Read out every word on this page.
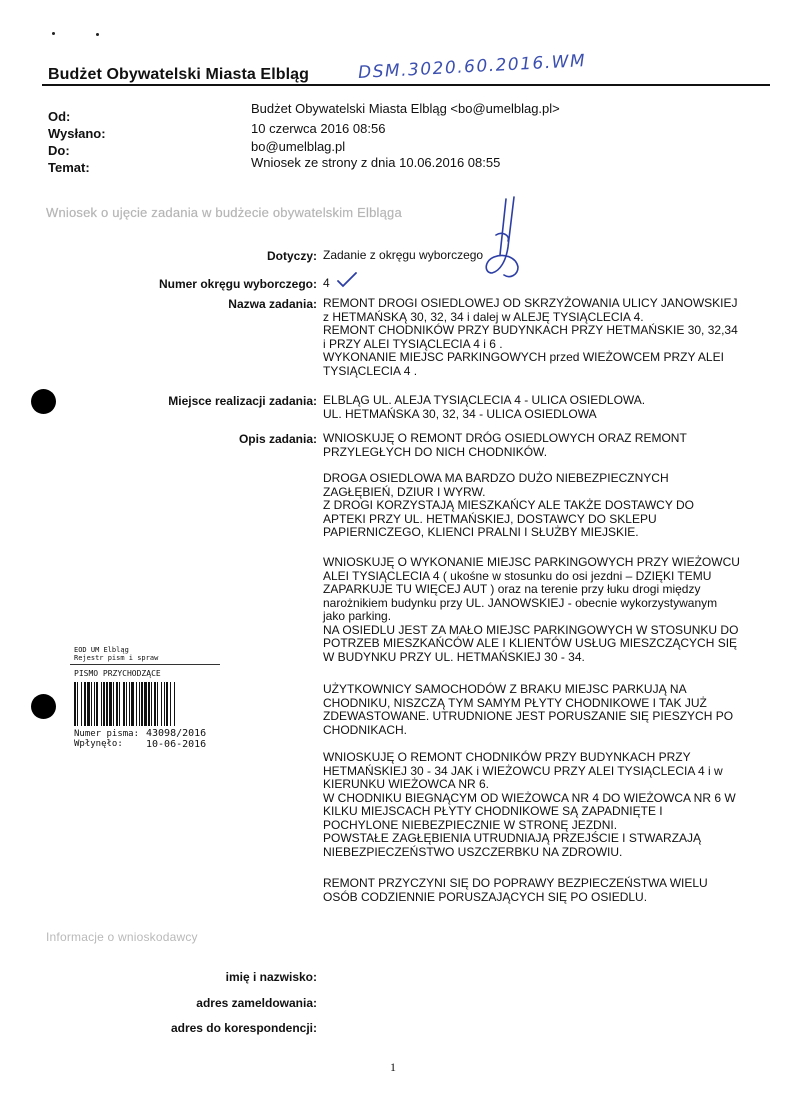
Budżet Obywatelski Miasta Elbląg	DSM.3020.60.2016.WM
Od:
Budżet Obywatelski Miasta Elbląg <bo@umelblag.pl>
Wysłano:	10 czerwca 2016 08:56
Do:	bo@umelblag.pl
Temat:	Wniosek ze strony z dnia 10.06.2016 08:55
Wniosek o ujęcie zadania w budżecie obywatelskim Elbląga
Dotyczy: Zadanie z okręgu wyborczego
Numer okręgu wyborczego: 4
Nazwa zadania: REMONT DROGI OSIEDLOWEJ OD SKRZYŻOWANIA ULICY JANOWSKIEJ
z HETMAŃSKĄ 30, 32, 34 i dalej w ALEJĘ TYSIĄCLECIA 4.
REMONT CHODNIKÓW PRZY BUDYNKACH PRZY HETMAŃSKIE 30, 32,34
i PRZY ALEI TYSIĄCLECIA 4 i 6 .
WYKONANIE MIEJSC PARKINGOWYCH przed WIEŻOWCEM PRZY ALEI
TYSIĄCLECIA 4 .
Miejsce realizacji zadania: ELBLĄG UL. ALEJA TYSIĄCLECIA 4 - ULICA OSIEDLOWA.
UL. HETMAŃSKA 30, 32, 34 - ULICA OSIEDLOWA
Opis zadania: WNIOSKUJĘ O REMONT DRÓG OSIEDLOWYCH ORAZ REMONT
PRZYLEGŁYCH DO NICH CHODNIKÓW.
DROGA OSIEDLOWA MA BARDZO DUŻO NIEBEZPIECZNYCH
ZAGŁĘBIEŃ, DZIUR I WYRW.
Z DROGI KORZYSTAJĄ MIESZKAŃCY ALE TAKŻE DOSTAWCY DO
APTEKI PRZY UL. HETMAŃSKIEJ, DOSTAWCY DO SKLEPU
PAPIERNICZEGO, KLIENCI PRALNI I SŁUŻBY MIEJSKIE.
WNIOSKUJĘ O WYKONANIE MIEJSC PARKINGOWYCH PRZY WIEŻOWCU
ALEI TYSIĄCLECIA 4 ( ukośne w stosunku do osi jezdni – DZIĘKI TEMU
ZAPARKUJE TU WIĘCEJ AUT ) oraz na terenie przy łuku drogi między
narożnikiem budynku przy UL. JANOWSKIEJ - obecnie wykorzystywanym
jako parking.
NA OSIEDLU JEST ZA MAŁO MIEJSC PARKINGOWYCH W STOSUNKU DO
POTRZEB MIESZKAŃCÓW ALE I KLIENTÓW USŁUG MIESZCZĄCYCH SIĘ
W BUDYNKU PRZY UL. HETMAŃSKIEJ 30 - 34.
UŻYTKOWNICY SAMOCHODÓW Z BRAKU MIEJSC PARKUJĄ NA
CHODNIKU, NISZCZĄ TYM SAMYM PŁYTY CHODNIKOWE I TAK JUŻ
ZDEWASTOWANE. UTRUDNIONE JEST PORUSZANIE SIĘ PIESZYCH PO
CHODNIKACH.
WNIOSKUJĘ O REMONT CHODNIKÓW PRZY BUDYNKACH PRZY
HETMAŃSKIEJ 30 - 34 JAK i WIEŻOWCU PRZY ALEI TYSIĄCLECIA 4 i w
KIERUNKU WIEŻOWCA NR 6.
W CHODNIKU BIEGNĄCYM OD WIEŻOWCA NR 4 DO WIEŻOWCA NR 6 W
KILKU MIEJSCACH PŁYTY CHODNIKOWE SĄ ZAPADNIĘTE I
POCHYLONE NIEBEZPIECZNIE W STRONĘ JEZDNI.
POWSTAŁE ZAGŁĘBIENIA UTRUDNIAJĄ PRZEJŚCIE I STWARZAJĄ
NIEBEZPIECZEŃSTWO USZCZERBKU NA ZDROWIU.
REMONT PRZYCZYNI SIĘ DO POPRAWY BEZPIECZEŃSTWA WIELU
OSÓB CODZIENNIE PORUSZAJĄCYCH SIĘ PO OSIEDLU.
EOD UM Elbląg
Rejestr pism i spraw
PISMO PRZYCHODZĄCE
Numer pisma: 43098/2016
Wpłynęło: 10-06-2016
Informacje o wnioskodawcy
imię i nazwisko:
adres zameldowania:
adres do korespondencji:
1
